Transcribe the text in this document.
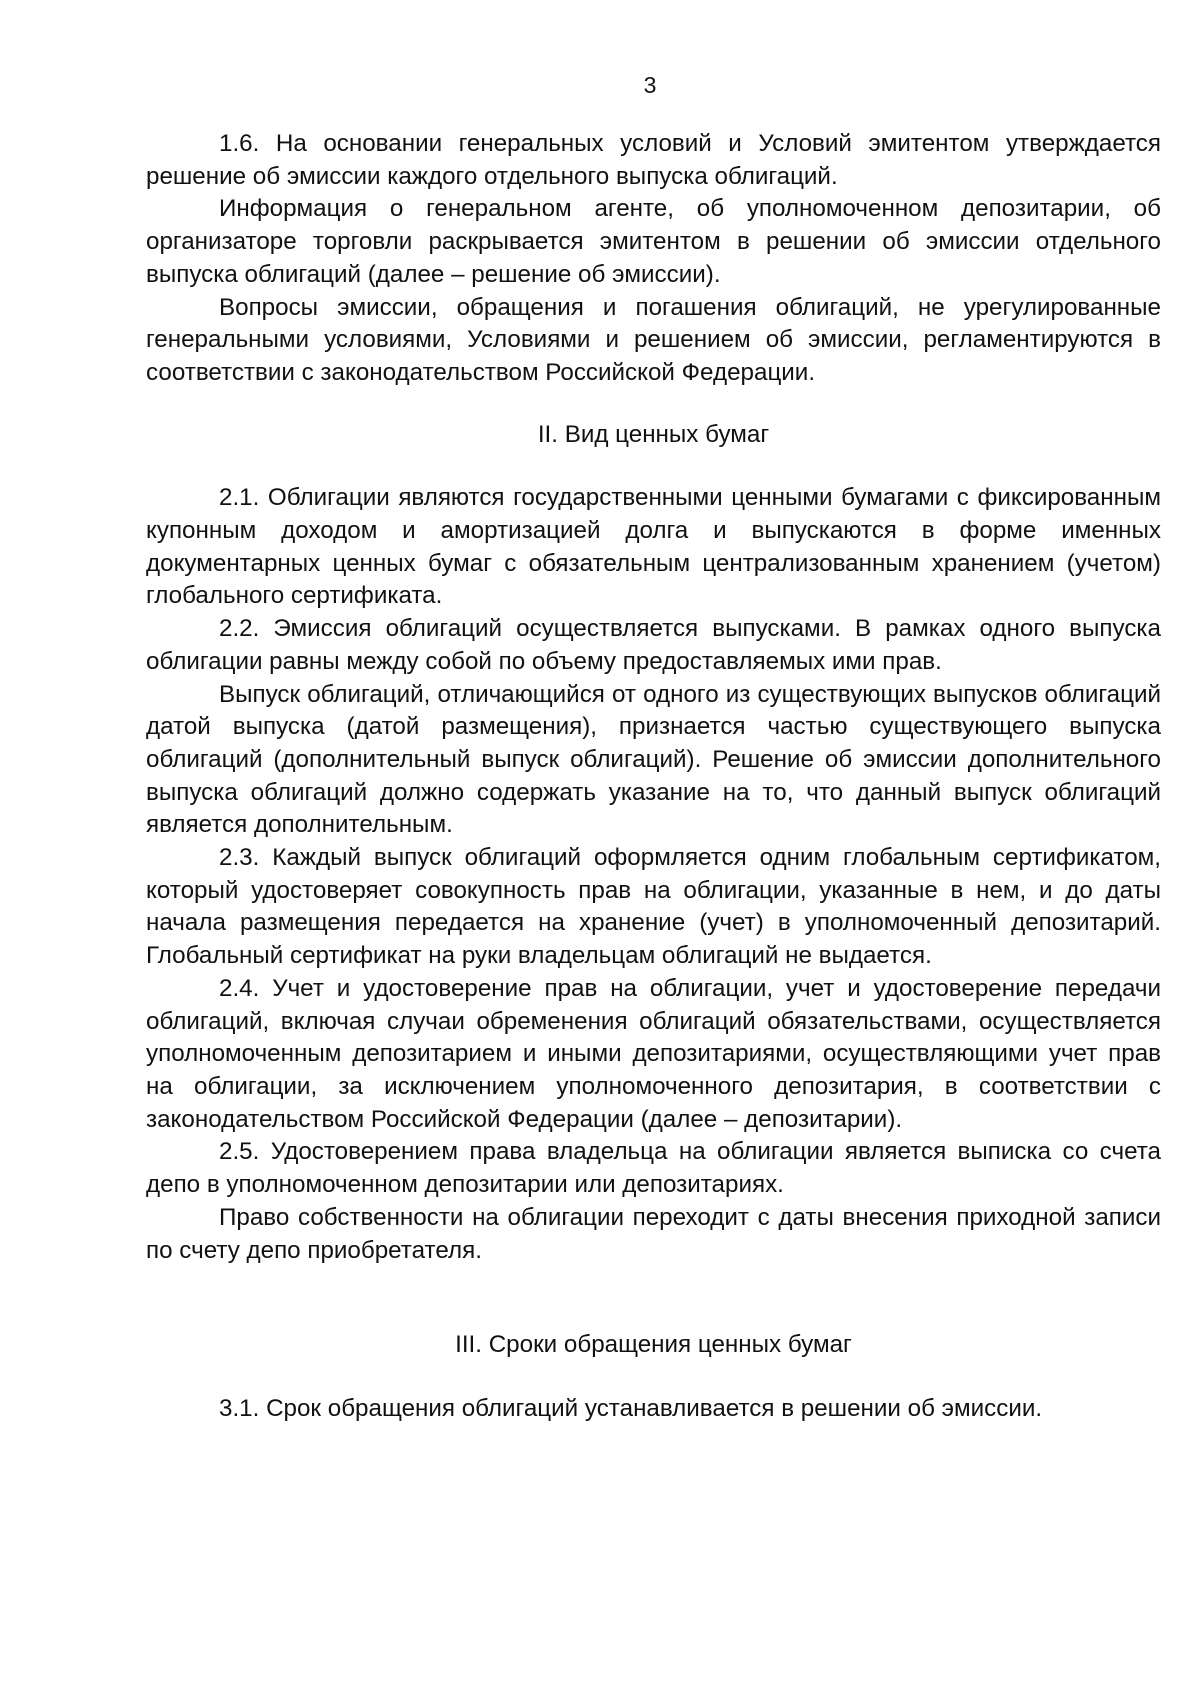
3

1.6. На основании генеральных условий и Условий эмитентом утверждается решение об эмиссии каждого отдельного выпуска облигаций.

Информация о генеральном агенте, об уполномоченном депозитарии, об организаторе торговли раскрывается эмитентом в решении об эмиссии отдельного выпуска облигаций (далее – решение об эмиссии).

Вопросы эмиссии, обращения и погашения облигаций, не урегулированные генеральными условиями, Условиями и решением об эмиссии, регламентируются в соответствии с законодательством Российской Федерации.

II. Вид ценных бумаг

2.1. Облигации являются государственными ценными бумагами с фиксированным купонным доходом и амортизацией долга и выпускаются в форме именных документарных ценных бумаг с обязательным централизованным хранением (учетом) глобального сертификата.

2.2. Эмиссия облигаций осуществляется выпусками. В рамках одного выпуска облигации равны между собой по объему предоставляемых ими прав.

Выпуск облигаций, отличающийся от одного из существующих выпусков облигаций датой выпуска (датой размещения), признается частью существующего выпуска облигаций (дополнительный выпуск облигаций). Решение об эмиссии дополнительного выпуска облигаций должно содержать указание на то, что данный выпуск облигаций является дополнительным.

2.3. Каждый выпуск облигаций оформляется одним глобальным сертификатом, который удостоверяет совокупность прав на облигации, указанные в нем, и до даты начала размещения передается на хранение (учет) в уполномоченный депозитарий. Глобальный сертификат на руки владельцам облигаций не выдается.

2.4. Учет и удостоверение прав на облигации, учет и удостоверение передачи облигаций, включая случаи обременения облигаций обязательствами, осуществляется уполномоченным депозитарием и иными депозитариями, осуществляющими учет прав на облигации, за исключением уполномоченного депозитария, в соответствии с законодательством Российской Федерации (далее – депозитарии).

2.5. Удостоверением права владельца на облигации является выписка со счета депо в уполномоченном депозитарии или депозитариях.

Право собственности на облигации переходит с даты внесения приходной записи по счету депо приобретателя.

III. Сроки обращения ценных бумаг

3.1. Срок обращения облигаций устанавливается в решении об эмиссии.
